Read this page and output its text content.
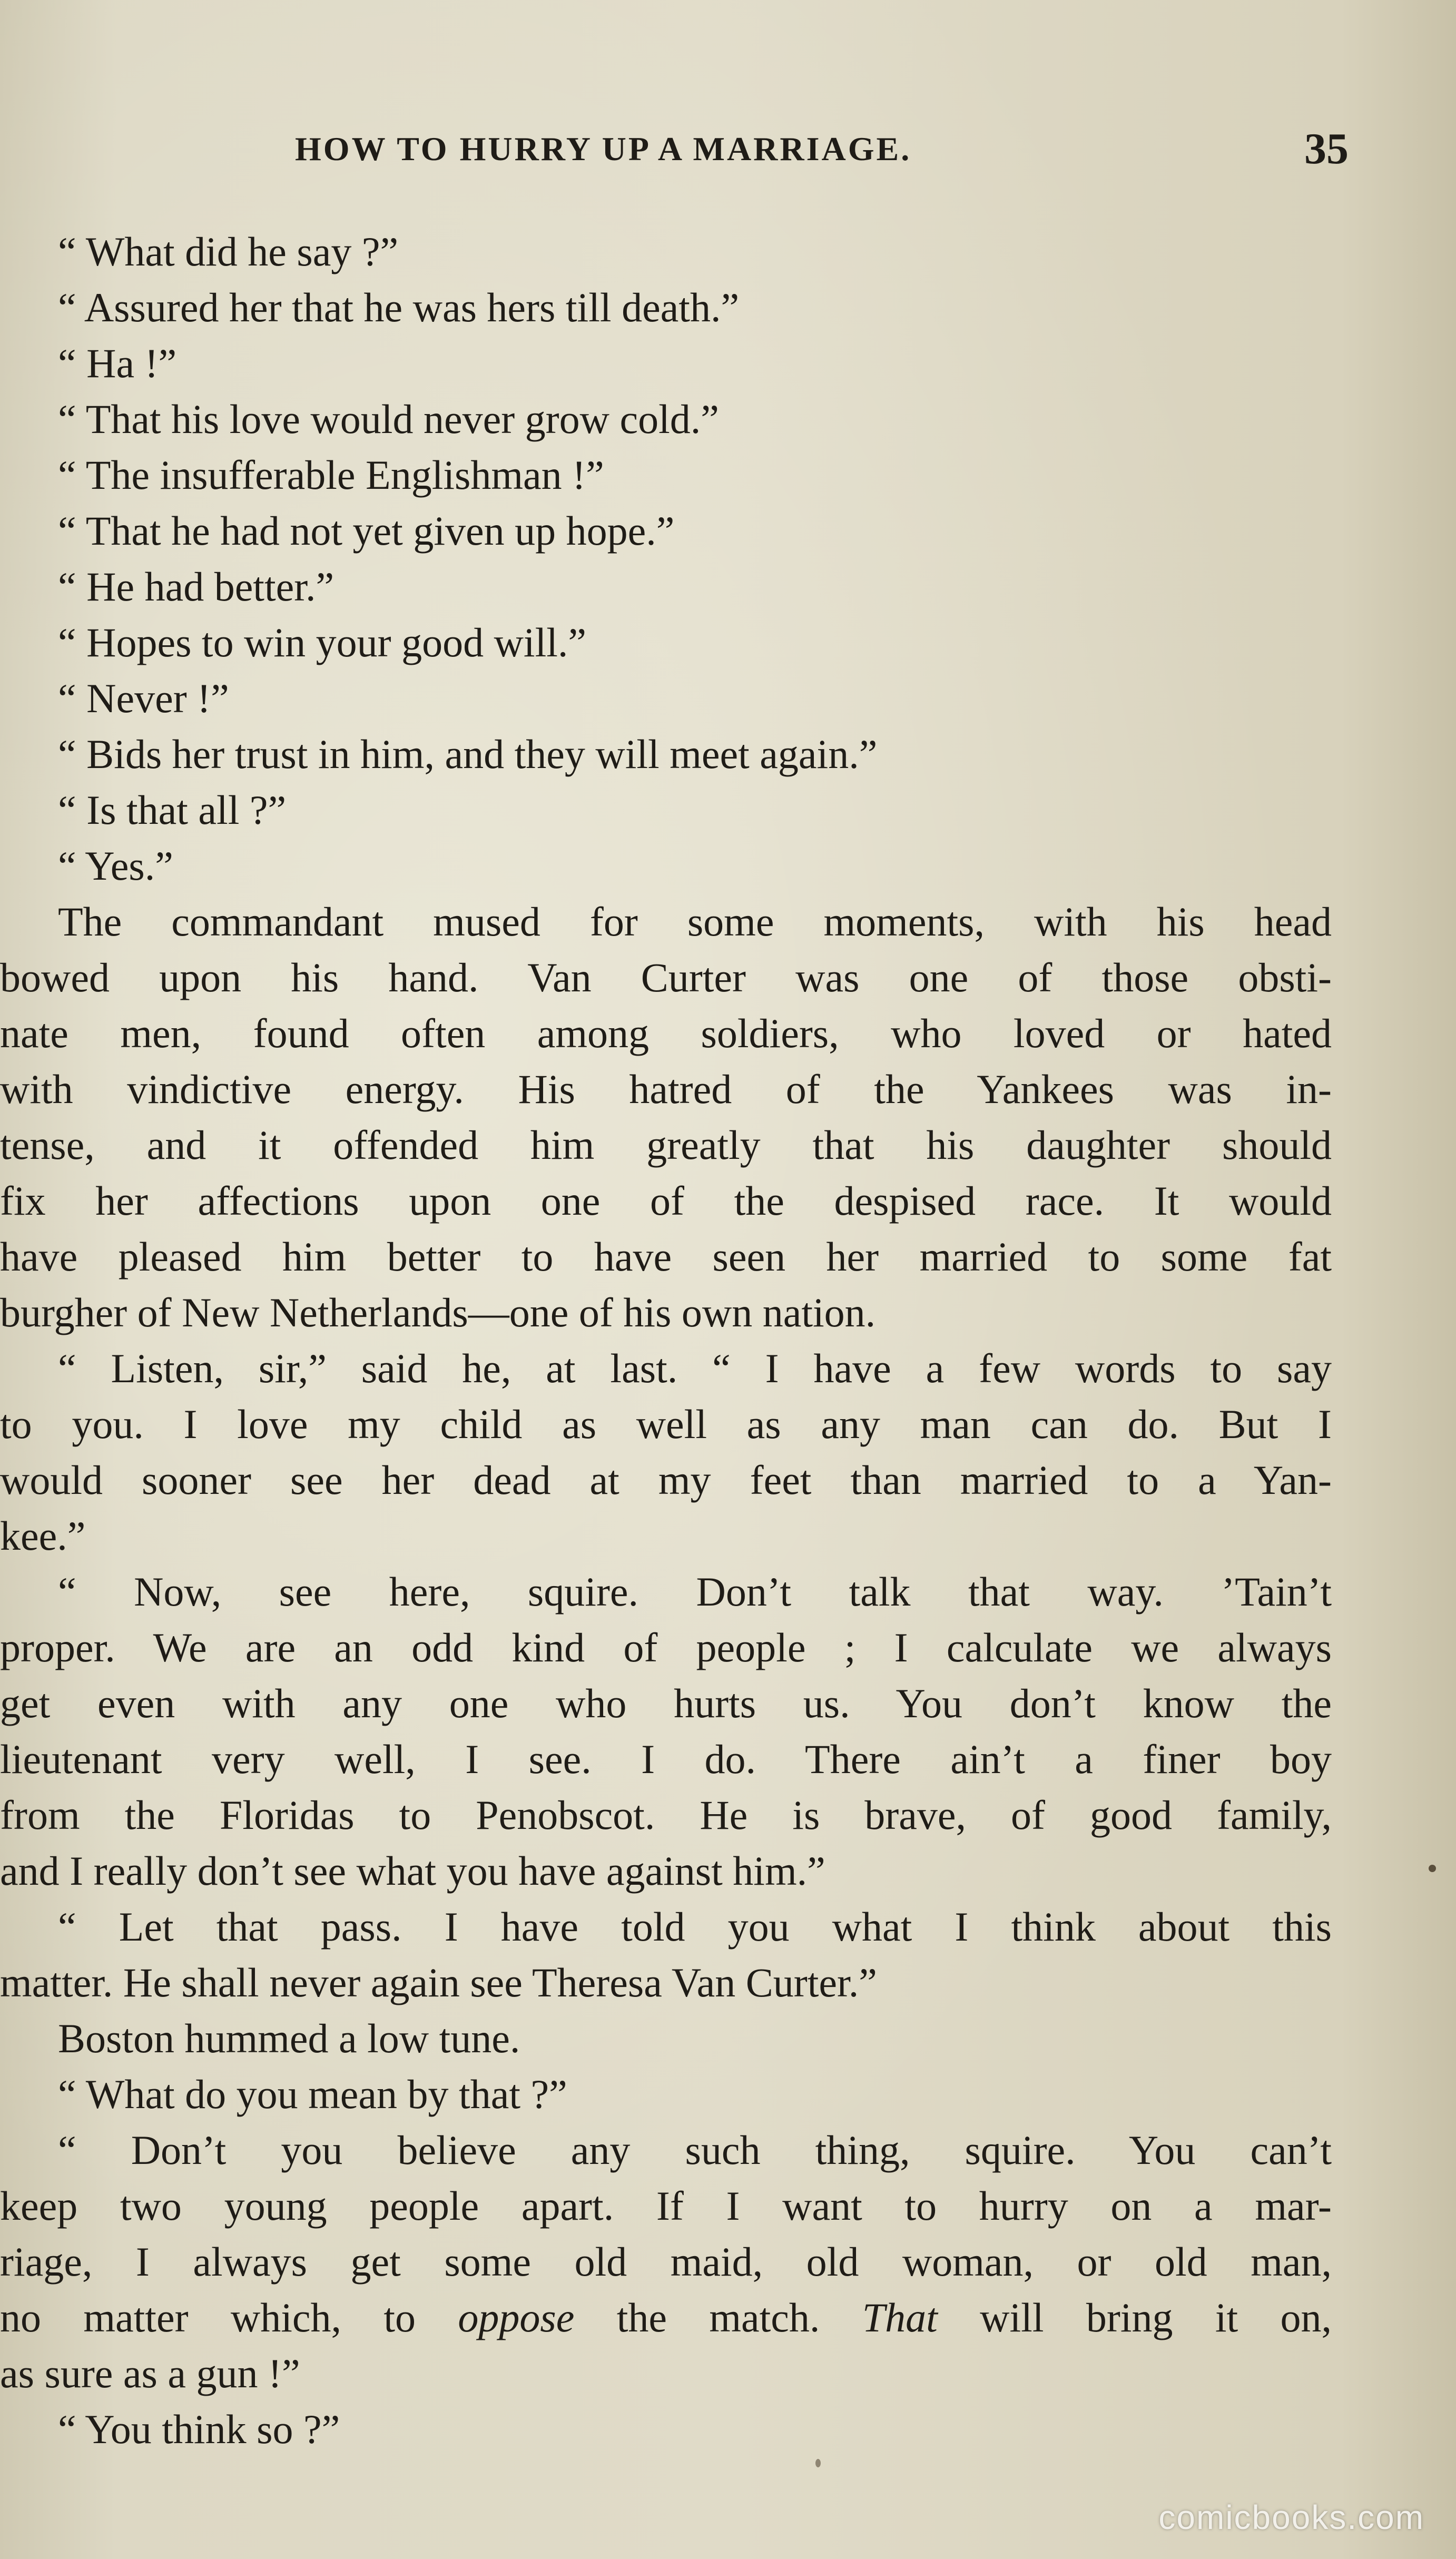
HOW TO HURRY UP A MARRIAGE.	35
“ What did he say ?”
“ Assured her that he was hers till death.”
“ Ha !”
“ That his love would never grow cold.”
“ The insufferable Englishman !”
“ That he had not yet given up hope.”
“ He had better.”
“ Hopes to win your good will.”
“ Never !”
“ Bids her trust in him, and they will meet again.”
“ Is that all ?”
“ Yes.”
The commandant mused for some moments, with his head
bowed upon his hand. Van Curter was one of those obsti-
nate men, found often among soldiers, who loved or hated
with vindictive energy. His hatred of the Yankees was in-
tense, and it offended him greatly that his daughter should
fix her affections upon one of the despised race. It would
have pleased him better to have seen her married to some fat
burgher of New Netherlands—one of his own nation.
“ Listen, sir,” said he, at last. “ I have a few words to say
to you. I love my child as well as any man can do. But I
would sooner see her dead at my feet than married to a Yan-
kee.”
“ Now, see here, squire. Don’t talk that way. ’Tain’t
proper. We are an odd kind of people ; I calculate we always
get even with any one who hurts us. You don’t know the
lieutenant very well, I see. I do. There ain’t a finer boy
from the Floridas to Penobscot. He is brave, of good family,
and I really don’t see what you have against him.”
“ Let that pass. I have told you what I think about this
matter. He shall never again see Theresa Van Curter.”
Boston hummed a low tune.
“ What do you mean by that ?”
“ Don’t you believe any such thing, squire. You can’t
keep two young people apart. If I want to hurry on a mar-
riage, I always get some old maid, old woman, or old man,
no matter which, to oppose the match. That will bring it on,
as sure as a gun !”
“ You think so ?”
comicbooks.com
